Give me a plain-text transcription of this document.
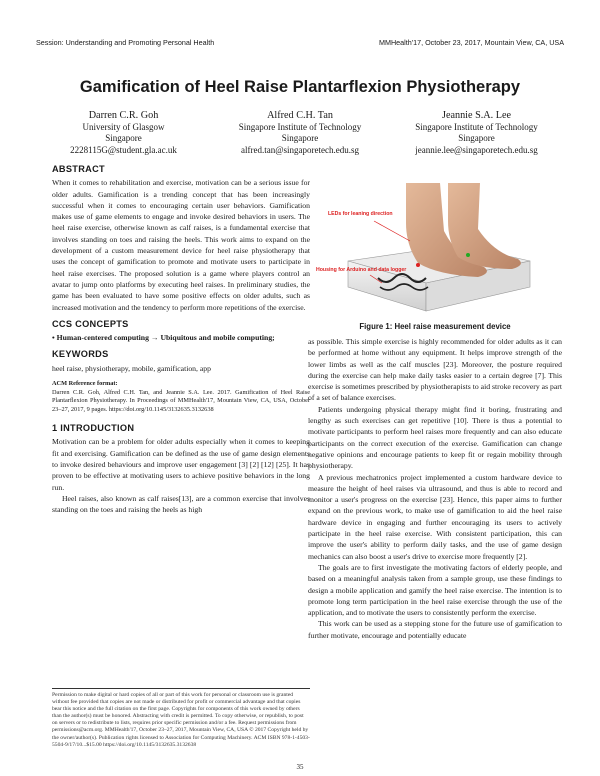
Session: Understanding and Promoting Personal Health	MMHealth'17, October 23, 2017, Mountain View, CA, USA
Gamification of Heel Raise Plantarflexion Physiotherapy
Darren C.R. Goh
University of Glasgow
Singapore
2228115G@student.gla.ac.uk
Alfred C.H. Tan
Singapore Institute of Technology
Singapore
alfred.tan@singaporetech.edu.sg
Jeannie S.A. Lee
Singapore Institute of Technology
Singapore
jeannie.lee@singaporetech.edu.sg
ABSTRACT

When it comes to rehabilitation and exercise, motivation can be a serious issue for older adults. Gamification is a trending concept that has been increasingly successful when it comes to encouraging certain user behaviors. Gamification makes use of game elements to engage and invoke desired behaviors in users. The heel raise exercise, otherwise known as calf raises, is a fundamental exercise that involves standing on toes and raising the heels. This work aims to expand on the development of a custom measurement device for heel raise physiotherapy that uses the concept of gamification to promote and motivate users to participate in heel raise exercises. The proposed solution is a game where players control an avatar to jump onto platforms by executing heel raises. In preliminary studies, the game has been evaluated to have some positive effects on older adults, such as increased motivation and the tendency to perform more repetitions of the exercise.

CCS CONCEPTS

• Human-centered computing → Ubiquitous and mobile computing;

KEYWORDS

heel raise, physiotherapy, mobile, gamification, app

ACM Reference format:
Darren C.R. Goh, Alfred C.H. Tan, and Jeannie S.A. Lee. 2017. Gamification of Heel Raise Plantarflexion Physiotherapy. In Proceedings of MMHealth'17, Mountain View, CA, USA, October 23–27, 2017, 9 pages. https://doi.org/10.1145/3132635.3132638
1 INTRODUCTION

Motivation can be a problem for older adults especially when it comes to keeping fit and exercising. Gamification can be defined as the use of game design elements to invoke desired behaviours and improve user engagement [3] [2] [12] [25]. It has proven to be effective at motivating users to achieve positive behaviors in the long run.

Heel raises, also known as calf raises[13], are a common exercise that involves standing on the toes and raising the heels as high

LEDs for leaning direction
Housing for Arduino and data logger
Figure 1: Heel raise measurement device

as possible. This simple exercise is highly recommended for older adults as it can be performed at home without any equipment. It helps improve strength of the lower limbs as well as the calf muscles [23]. Moreover, the posture required during the exercise can help make daily tasks easier to a certain degree [7]. This exercise is sometimes prescribed by physiotherapists to aid stroke recovery as part of a set of balance exercises.

Patients undergoing physical therapy might find it boring, frustrating and lengthy as such exercises can get repetitive [10]. There is thus a potential to motivate participants to perform heel raises more frequently and can also educate participants on the correct execution of the exercise. Gamification can change negative opinions and encourage patients to keep fit or regain mobility through physiotherapy.

A previous mechatronics project implemented a custom hardware device to measure the height of heel raises via ultrasound, and thus is able to record and monitor a user's progress on the exercise [23]. Hence, this paper aims to further expand on the previous work, to make use of gamification to aid the heel raise hardware device in engaging and further encouraging its users to actively participate in the heel raise exercise. With consistent participation, this can improve the user's ability to perform daily tasks, and the use of game design mechanics can also boost a user's drive to exercise more frequently [2].

The goals are to first investigate the motivating factors of elderly people, and based on a meaningful analysis taken from a sample group, use these findings to design a mobile application and gamify the heel raise exercise. The intention is to promote long term participation in the heel raise exercise through the use of the application, and to motivate the users to consistently perform the exercise.

This work can be used as a stepping stone for the future use of gamification to further motivate, encourage and potentially educate

Permission to make digital or hard copies of all or part of this work for personal or classroom use is granted without fee provided that copies are not made or distributed for profit or commercial advantage and that copies bear this notice and the full citation on the first page. Copyrights for components of this work owned by others than the author(s) must be honored. Abstracting with credit is permitted. To copy otherwise, or republish, to post on servers or to redistribute to lists, requires prior specific permission and/or a fee. Request permissions from permissions@acm.org. MMHealth'17, October 23–27, 2017, Mountain View, CA, USA © 2017 Copyright held by the owner/author(s). Publication rights licensed to Association for Computing Machinery. ACM ISBN 978-1-4503-5504-9/17/10...$15.00 https://doi.org/10.1145/3132635.3132638
35
